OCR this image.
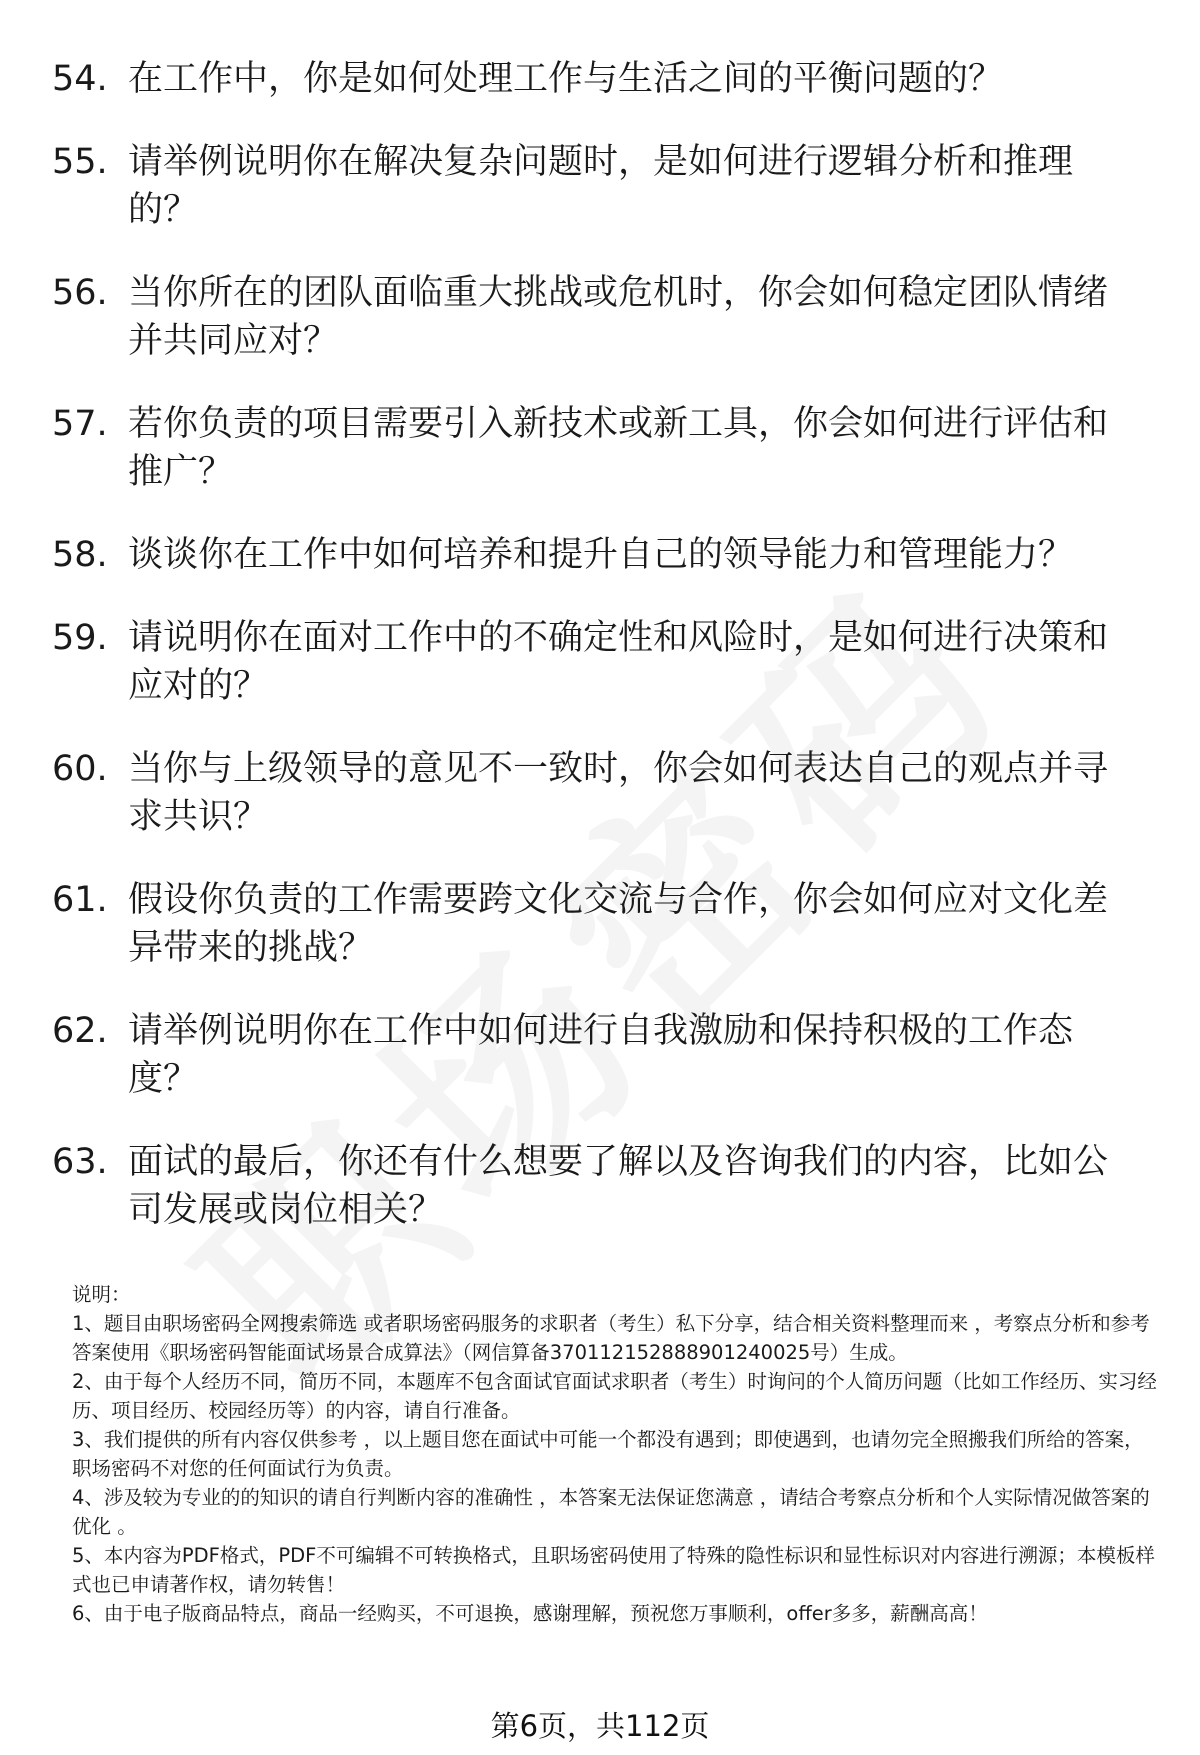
54. 在工作中，你是如何处理工作与生活之间的平衡问题的？
55. 请举例说明你在解决复杂问题时，是如何进行逻辑分析和推理的？
56. 当你所在的团队面临重大挑战或危机时，你会如何稳定团队情绪并共同应对？
57. 若你负责的项目需要引入新技术或新工具，你会如何进行评估和推广？
58. 谈谈你在工作中如何培养和提升自己的领导能力和管理能力？
59. 请说明你在面对工作中的不确定性和风险时，是如何进行决策和应对的？
60. 当你与上级领导的意见不一致时，你会如何表达自己的观点并寻求共识？
61. 假设你负责的工作需要跨文化交流与合作，你会如何应对文化差异带来的挑战？
62. 请举例说明你在工作中如何进行自我激励和保持积极的工作态度？
63. 面试的最后，你还有什么想要了解以及咨询我们的内容，比如公司发展或岗位相关？

说明：

1、题目由职场密码全网搜索筛选 或者职场密码服务的求职者（考生）私下分享，结合相关资料整理而来 ，考察点分析和参考答案使用《职场密码智能面试场景合成算法》（网信算备3701121528889012400​25号）生成。

2、由于每个人经历不同，简历不同，本题库不包含面试官面试求职者（考生）时询问的个人简历问题（比如工作经历、实习经历、项目经历、校园经历等）的内容，请自行准备。

3、我们提供的所有内容仅供参考 ，以上题目您在面试中可能一个都没有遇到；即使遇到，也请勿完全照搬我们所给的答案，职场密码不对您的任何面试行为负责。

4、涉及较为专业的的知识的请自行判断内容的准确性 ，本答案无法保证您满意 ，请结合考察点分析和个人实际情况做答案的优化 。

5、本内容为PDF格式，PDF不可编辑不可转换格式，且职场密码使用了特殊的隐性标识和显性标识对内容进行溯源；本模板样式也已申请著作权，请勿转售！

6、由于电子版商品特点，商品一经购买，不可退换，感谢理解，预祝您万事顺利，offer多多，薪酬高高！

第6页，共112页
